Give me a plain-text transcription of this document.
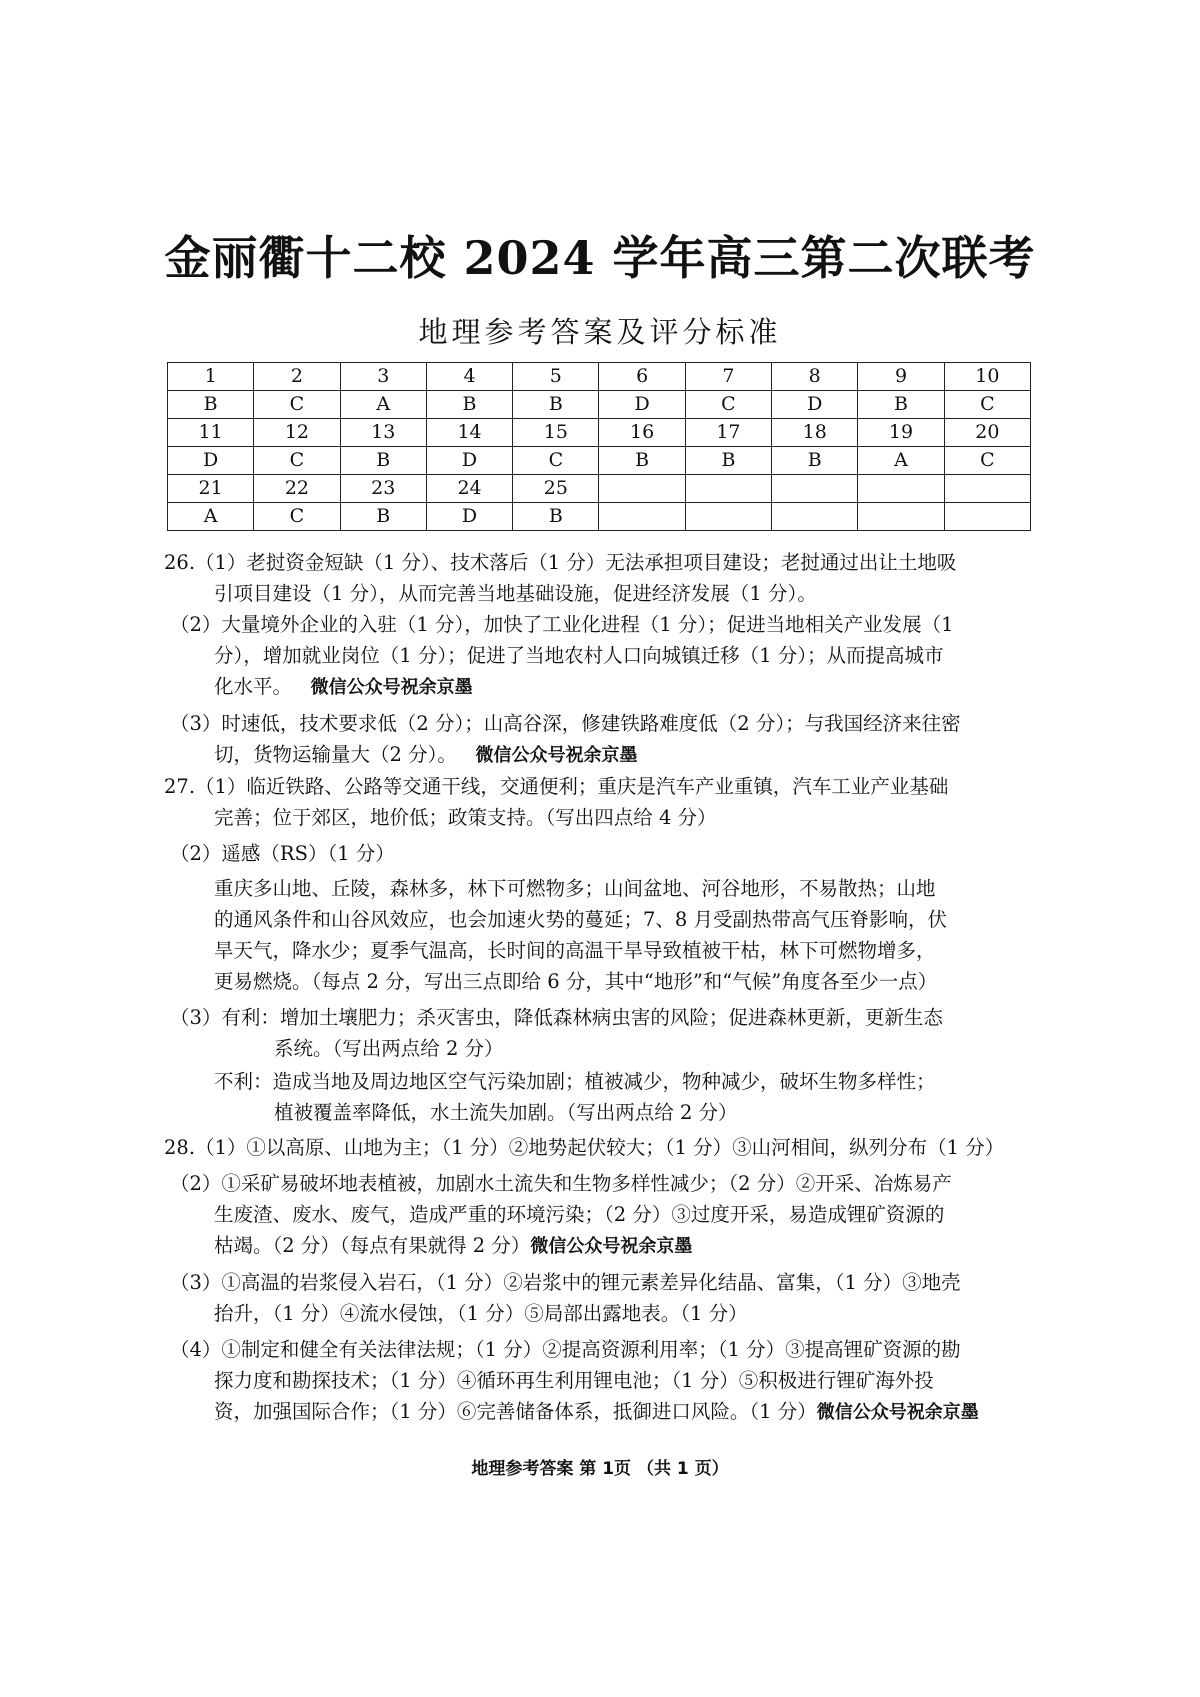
金丽衢十二校 2024 学年高三第二次联考
地理参考答案及评分标准
1	2	3	4	5	6	7	8	9	10
B	C	A	B	B	D	C	D	B	C
11	12	13	14	15	16	17	18	19	20
D	C	B	D	C	B	B	B	A	C
21	22	23	24	25					
A	C	B	D	B					
26.（1）老挝资金短缺（1 分）、技术落后（1 分）无法承担项目建设；老挝通过出让土地吸
引项目建设（1 分），从而完善当地基础设施，促进经济发展（1 分）。
（2）大量境外企业的入驻（1 分），加快了工业化进程（1 分）；促进当地相关产业发展（1
分），增加就业岗位（1 分）；促进了当地农村人口向城镇迁移（1 分）；从而提高城市
化水平。 微信公众号祝余京墨
（3）时速低，技术要求低（2 分）；山高谷深，修建铁路难度低（2 分）；与我国经济来往密
切，货物运输量大（2 分）。 微信公众号祝余京墨
27.（1）临近铁路、公路等交通干线，交通便利；重庆是汽车产业重镇，汽车工业产业基础
完善；位于郊区，地价低；政策支持。（写出四点给 4 分）
（2）遥感（RS）（1 分）
重庆多山地、丘陵，森林多，林下可燃物多；山间盆地、河谷地形，不易散热；山地
的通风条件和山谷风效应，也会加速火势的蔓延；7、8 月受副热带高气压脊影响，伏
旱天气，降水少；夏季气温高，长时间的高温干旱导致植被干枯，林下可燃物增多，
更易燃烧。（每点 2 分，写出三点即给 6 分，其中“地形”和“气候”角度各至少一点）
（3）有利：增加土壤肥力；杀灭害虫，降低森林病虫害的风险；促进森林更新，更新生态
系统。（写出两点给 2 分）
不利：造成当地及周边地区空气污染加剧；植被减少，物种减少，破坏生物多样性；
植被覆盖率降低，水土流失加剧。（写出两点给 2 分）
28.（1）①以高原、山地为主；（1 分）②地势起伏较大；（1 分）③山河相间，纵列分布（1 分）
（2）①采矿易破坏地表植被，加剧水土流失和生物多样性减少；（2 分）②开采、冶炼易产
生废渣、废水、废气，造成严重的环境污染；（2 分）③过度开采，易造成锂矿资源的
枯竭。（2 分）（每点有果就得 2 分）微信公众号祝余京墨
（3）①高温的岩浆侵入岩石，（1 分）②岩浆中的锂元素差异化结晶、富集，（1 分）③地壳
抬升，（1 分）④流水侵蚀，（1 分）⑤局部出露地表。（1 分）
（4）①制定和健全有关法律法规；（1 分）②提高资源利用率；（1 分）③提高锂矿资源的勘
探力度和勘探技术；（1 分）④循环再生利用锂电池；（1 分）⑤积极进行锂矿海外投
资，加强国际合作；（1 分）⑥完善储备体系，抵御进口风险。（1 分）微信公众号祝余京墨
地理参考答案 第 1页 （共 1 页）
